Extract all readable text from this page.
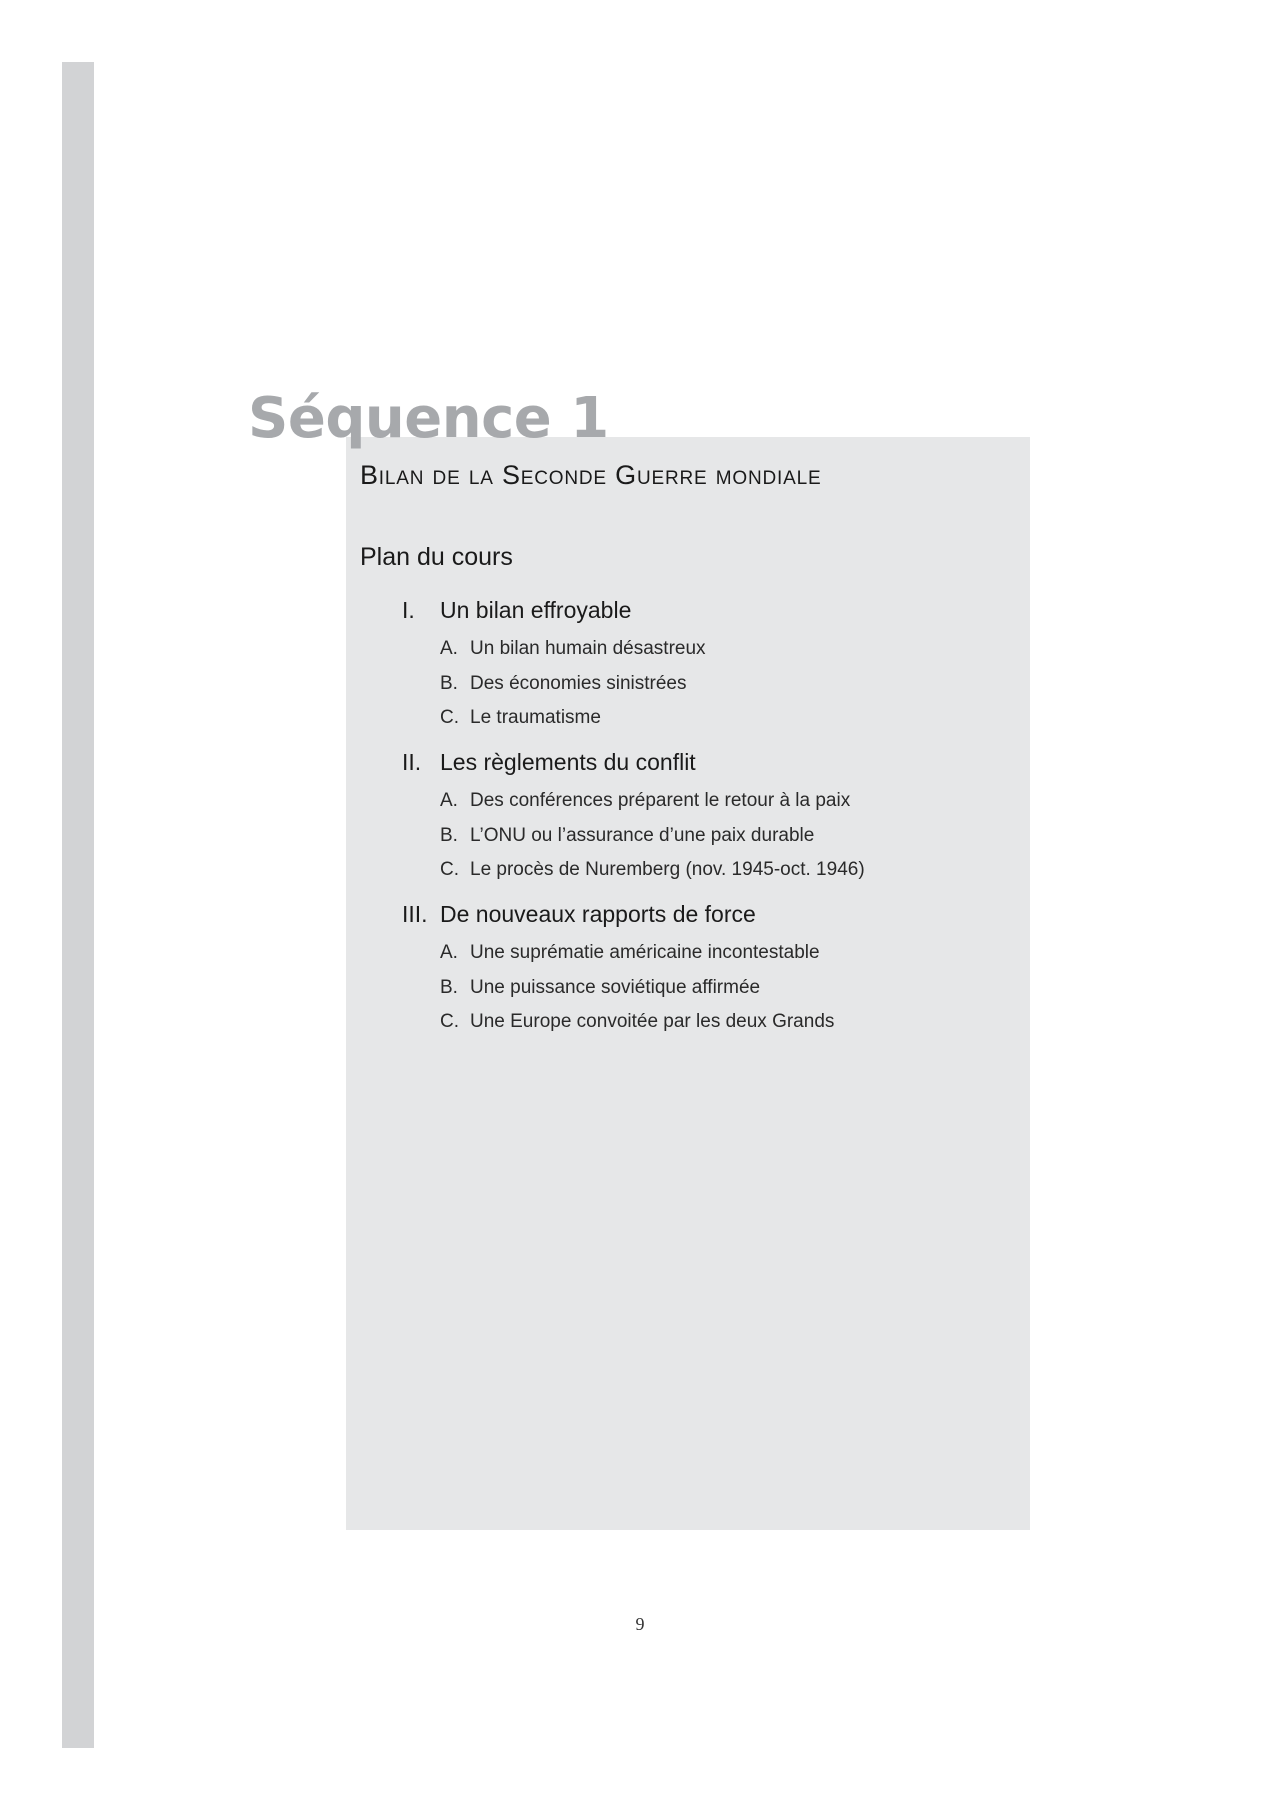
Séquence 1
Bilan de la Seconde Guerre mondiale
Plan du cours
I. Un bilan effroyable
A. Un bilan humain désastreux
B. Des économies sinistrées
C. Le traumatisme
II. Les règlements du conflit
A. Des conférences préparent le retour à la paix
B. L’ONU ou l’assurance d’une paix durable
C. Le procès de Nuremberg (nov. 1945-oct. 1946)
III. De nouveaux rapports de force
A. Une suprématie américaine incontestable
B. Une puissance soviétique affirmée
C. Une Europe convoitée par les deux Grands
9
